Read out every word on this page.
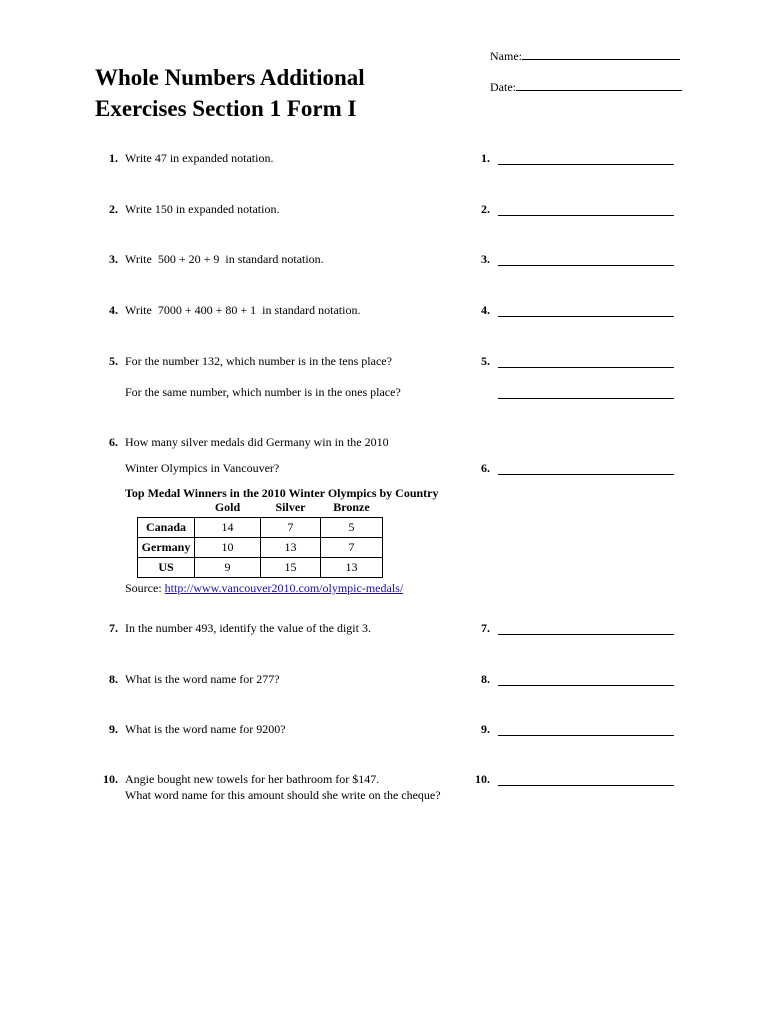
Name:
Date:
Whole Numbers Additional
Exercises Section 1 Form I
1. Write 47 in expanded notation.	1.
2. Write 150 in expanded notation.	2.
3. Write  500 + 20 + 9  in standard notation.	3.
4. Write  7000 + 400 + 80 + 1  in standard notation.	4.
5. For the number 132, which number is in the tens place?
For the same number, which number is in the ones place?
5.
6. How many silver medals did Germany win in the 2010
Winter Olympics in Vancouver?	6.
Top Medal Winners in the 2010 Winter Olympics by Country
	Gold	Silver	Bronze
Canada	14	7	5
Germany	10	13	7
US	9	15	13
Source: http://www.vancouver2010.com/olympic-medals/
7. In the number 493, identify the value of the digit 3.	7.
8. What is the word name for 277?	8.
9. What is the word name for 9200?	9.
10. Angie bought new towels for her bathroom for $147.
What word name for this amount should she write on the cheque?
10.
